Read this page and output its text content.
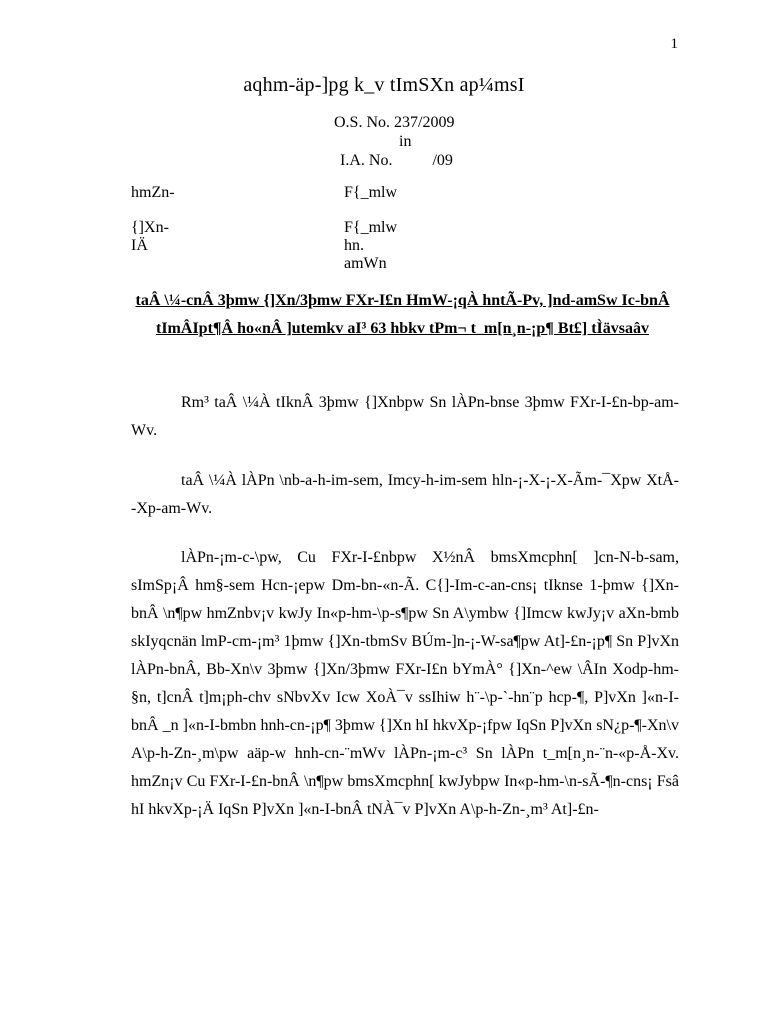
1
aqhm-äp-]pg k_v tImSXn ap¼msI
O.S. No. 237/2009
in
I.A. No.          /09
hmZn-	F{_mlw
{]Xn-IÄ
F{_mlw hn. amWn
taÂ \¼-cnÂ 3þmw {]Xn/3þmw FXr-I£n HmW-¡qÀ hntÃ-Pv, ]nd-amSw Ic-bnÂ tImÂIpt¶Â ho«nÂ ]utemkv aI³ 63 hbkv tPm¬ t_m[n¸n-¡p¶ Bt£] tÌävsaâv

Rm³ taÂ \¼À tIknÂ 3þmw {]Xnbpw Sn lÀPn-bnse 3þmw FXr-I-£n-bp-am-Wv.

taÂ \¼À lÀPn \nb-a-h-im-sem, Imcy-h-im-sem hln-¡-X-¡-X-Ãm-¯Xpw XtÅ--Xp-am-Wv.

lÀPn-¡m-c-\pw, Cu FXr-I-£nbpw X½nÂ bmsXmcphn[ ]cn-N-b-sam, sImSp¡Â hm§-sem Hcn-¡epw Dm-bn-«n-Ã. C{]-Im-c-an-cns¡ tIknse 1-þmw {]Xn-bnÂ \n¶pw hmZnbv¡v kwJy In«p-hm-\p-s¶pw Sn A\ymbw {]Imcw kwJy¡v aXn-bmb skIyqcnän lmP-cm-¡m³ 1þmw {]Xn-tbmSv BÚm-]n-¡-W-sa¶pw At]-£n-¡p¶ Sn P]vXn lÀPn-bnÂ, Bb-Xn\v 3þmw {]Xn/3þmw FXr-I£n bYmÀ° {]Xn-^ew \ÂIn Xodp-hm-§n, t]cnÂ t]m¡ph-chv sNbvXv Icw XoÀ¯v ssIhiw h¨-\p-`-hn¨p hcp-¶, P]vXn ]«n-I-bnÂ _n ]«n-I-bmbn hnh-cn-¡p¶ 3þmw {]Xn hI hkvXp-¡fpw IqSn P]vXn sN¿p-¶-Xn\v A\p-h-Zn-¸m\pw aäp-w hnh-cn-¨mWv lÀPn-¡m-c³ Sn lÀPn t_m[n¸n-¨n-«p-Å-Xv. hmZn¡v Cu FXr-I-£n-bnÂ \n¶pw bmsXmcphn[ kwJybpw In«p-hm-\n-sÃ-¶n-cns¡ Fsâ hI hkvXp-¡Ä IqSn P]vXn ]«n-I-bnÂ tNÀ¯v P]vXn A\p-h-Zn-¸m³ At]-£n-
